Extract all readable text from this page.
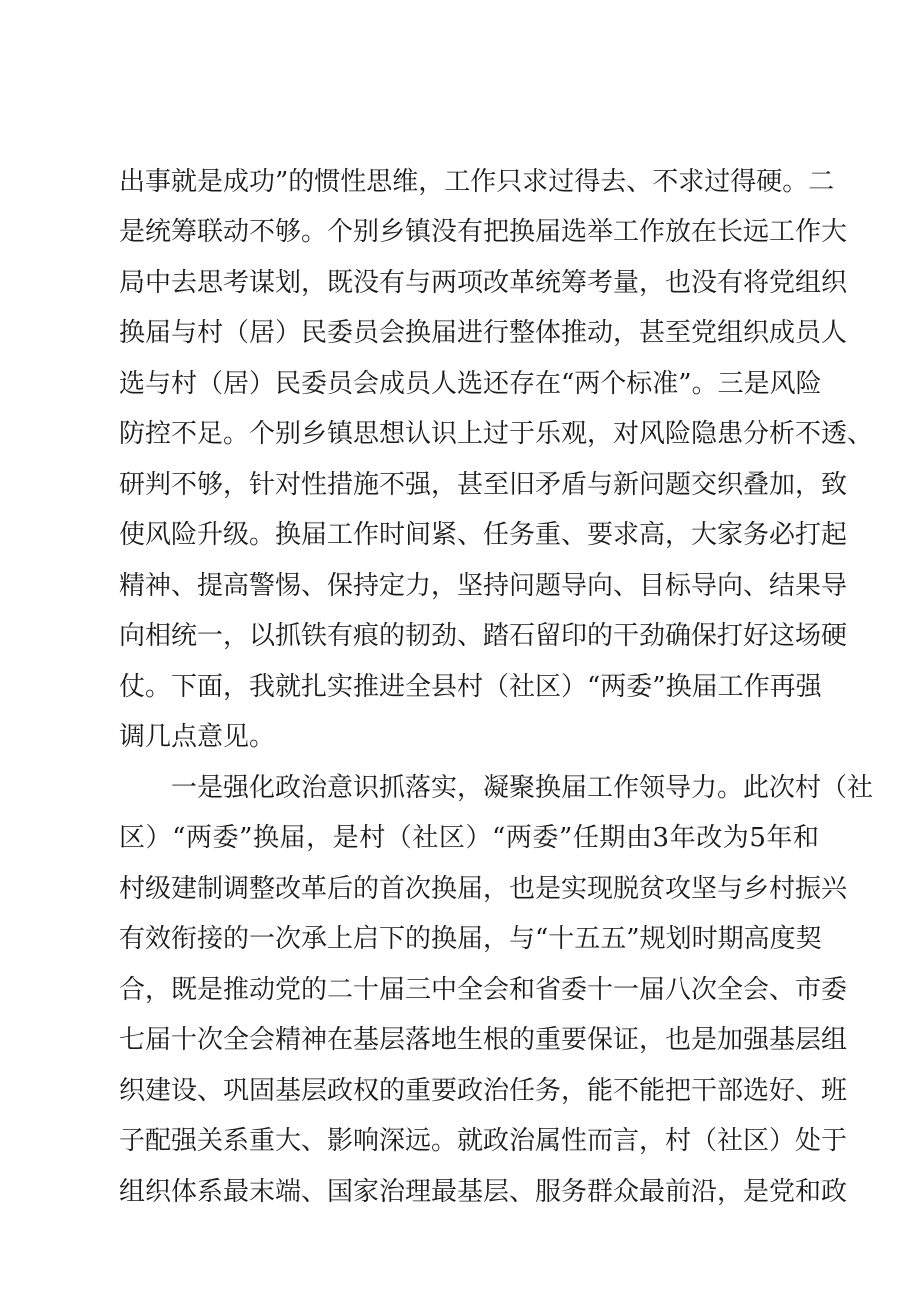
出事就是成功”的惯性思维，工作只求过得去、不求过得硬。二
是统筹联动不够。个别乡镇没有把换届选举工作放在长远工作大
局中去思考谋划，既没有与两项改革统筹考量，也没有将党组织
换届与村（居）民委员会换届进行整体推动，甚至党组织成员人
选与村（居）民委员会成员人选还存在“两个标准”。三是风险
防控不足。个别乡镇思想认识上过于乐观，对风险隐患分析不透、
研判不够，针对性措施不强，甚至旧矛盾与新问题交织叠加，致
使风险升级。换届工作时间紧、任务重、要求高，大家务必打起
精神、提高警惕、保持定力，坚持问题导向、目标导向、结果导
向相统一，以抓铁有痕的韧劲、踏石留印的干劲确保打好这场硬
仗。下面，我就扎实推进全县村（社区）“两委”换届工作再强
调几点意见。
　　一是强化政治意识抓落实，凝聚换届工作领导力。此次村（社
区）“两委”换届，是村（社区）“两委”任期由3年改为5年和
村级建制调整改革后的首次换届，也是实现脱贫攻坚与乡村振兴
有效衔接的一次承上启下的换届，与“十五五”规划时期高度契
合，既是推动党的二十届三中全会和省委十一届八次全会、市委
七届十次全会精神在基层落地生根的重要保证，也是加强基层组
织建设、巩固基层政权的重要政治任务，能不能把干部选好、班
子配强关系重大、影响深远。就政治属性而言，村（社区）处于
组织体系最末端、国家治理最基层、服务群众最前沿，是党和政
